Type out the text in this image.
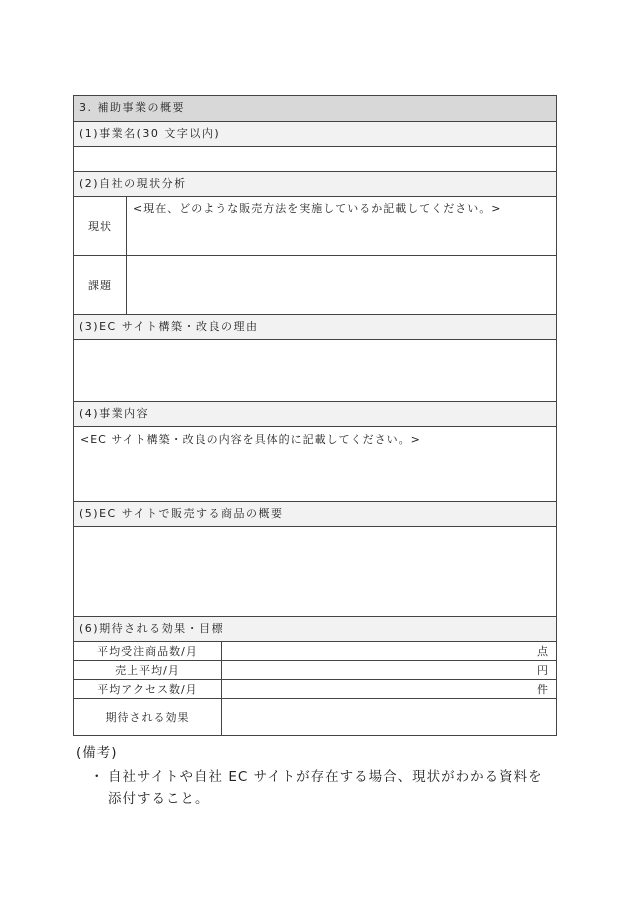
3. 補助事業の概要
(1)事業名(30 文字以内)
(2)自社の現状分析
現状
<現在、どのような販売方法を実施しているか記載してください。>
課題
(3)EC サイト構築・改良の理由
(4)事業内容
<EC サイト構築・改良の内容を具体的に記載してください。>
(5)EC サイトで販売する商品の概要
(6)期待される効果・目標
平均受注商品数/月	点
売上平均/月	円
平均アクセス数/月	件
期待される効果
(備考)
・ 自社サイトや自社 EC サイトが存在する場合、現状がわかる資料を添付すること。
